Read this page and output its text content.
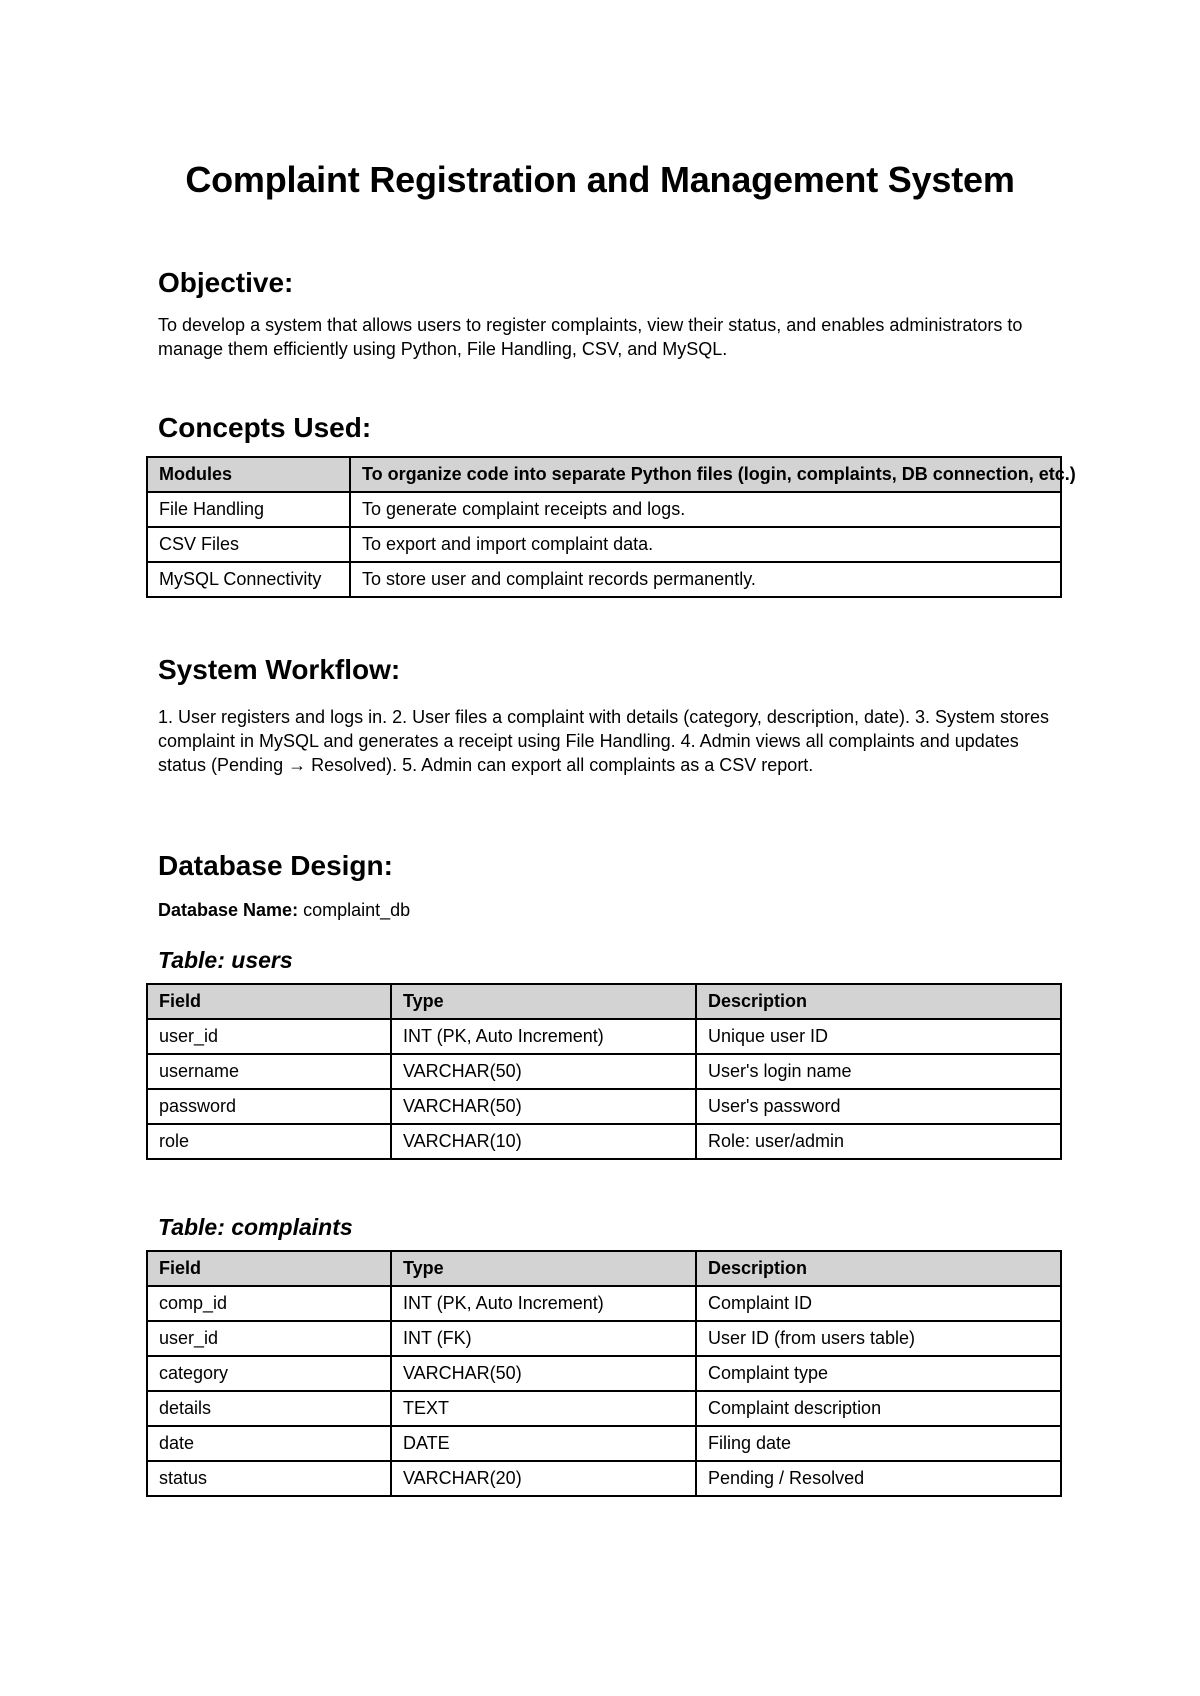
Complaint Registration and Management System
Objective:

To develop a system that allows users to register complaints, view their status, and enables administrators to manage them efficiently using Python, File Handling, CSV, and MySQL.

Concepts Used:
Modules	To organize code into separate Python files (login, complaints, DB connection, etc.)
File Handling	To generate complaint receipts and logs.
CSV Files	To export and import complaint data.
MySQL Connectivity	To store user and complaint records permanently.
System Workflow:

1. User registers and logs in. 2. User files a complaint with details (category, description, date). 3. System stores complaint in MySQL and generates a receipt using File Handling. 4. Admin views all complaints and updates status (Pending → Resolved). 5. Admin can export all complaints as a CSV report.

Database Design:

Database Name: complaint_db

Table: users
Field	Type	Description
user_id	INT (PK, Auto Increment)	Unique user ID
username	VARCHAR(50)	User's login name
password	VARCHAR(50)	User's password
role	VARCHAR(10)	Role: user/admin
Table: complaints
Field	Type	Description
comp_id	INT (PK, Auto Increment)	Complaint ID
user_id	INT (FK)	User ID (from users table)
category	VARCHAR(50)	Complaint type
details	TEXT	Complaint description
date	DATE	Filing date
status	VARCHAR(20)	Pending / Resolved
